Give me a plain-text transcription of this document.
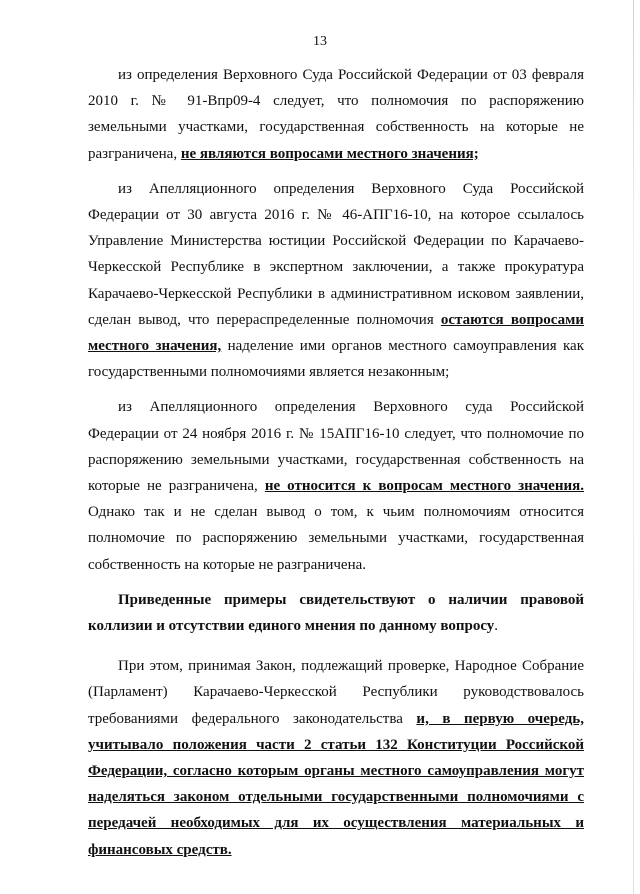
13

из определения Верховного Суда Российской Федерации от 03 февраля 2010 г. № 91-Впр09-4 следует, что полномочия по распоряжению земельными участками, государственная собственность на которые не разграничена, не являются вопросами местного значения;

из Апелляционного определения Верховного Суда Российской Федерации от 30 августа 2016 г. № 46-АПГ16-10, на которое ссылалось Управление Министерства юстиции Российской Федерации по Карачаево-Черкесской Республике в экспертном заключении, а также прокуратура Карачаево-Черкесской Республики в административном исковом заявлении, сделан вывод, что перераспределенные полномочия остаются вопросами местного значения, наделение ими органов местного самоуправления как государственными полномочиями является незаконным;

из Апелляционного определения Верховного суда Российской Федерации от 24 ноября 2016 г. № 15АПГ16-10 следует, что полномочие по распоряжению земельными участками, государственная собственность на которые не разграничена, не относится к вопросам местного значения. Однако так и не сделан вывод о том, к чьим полномочиям относится полномочие по распоряжению земельными участками, государственная собственность на которые не разграничена.

Приведенные примеры свидетельствуют о наличии правовой коллизии и отсутствии единого мнения по данному вопросу.

При этом, принимая Закон, подлежащий проверке, Народное Собрание (Парламент) Карачаево-Черкесской Республики руководствовалось требованиями федерального законодательства и, в первую очередь, учитывало положения части 2 статьи 132 Конституции Российской Федерации, согласно которым органы местного самоуправления могут наделяться законом отдельными государственными полномочиями с передачей необходимых для их осуществления материальных и финансовых средств.
